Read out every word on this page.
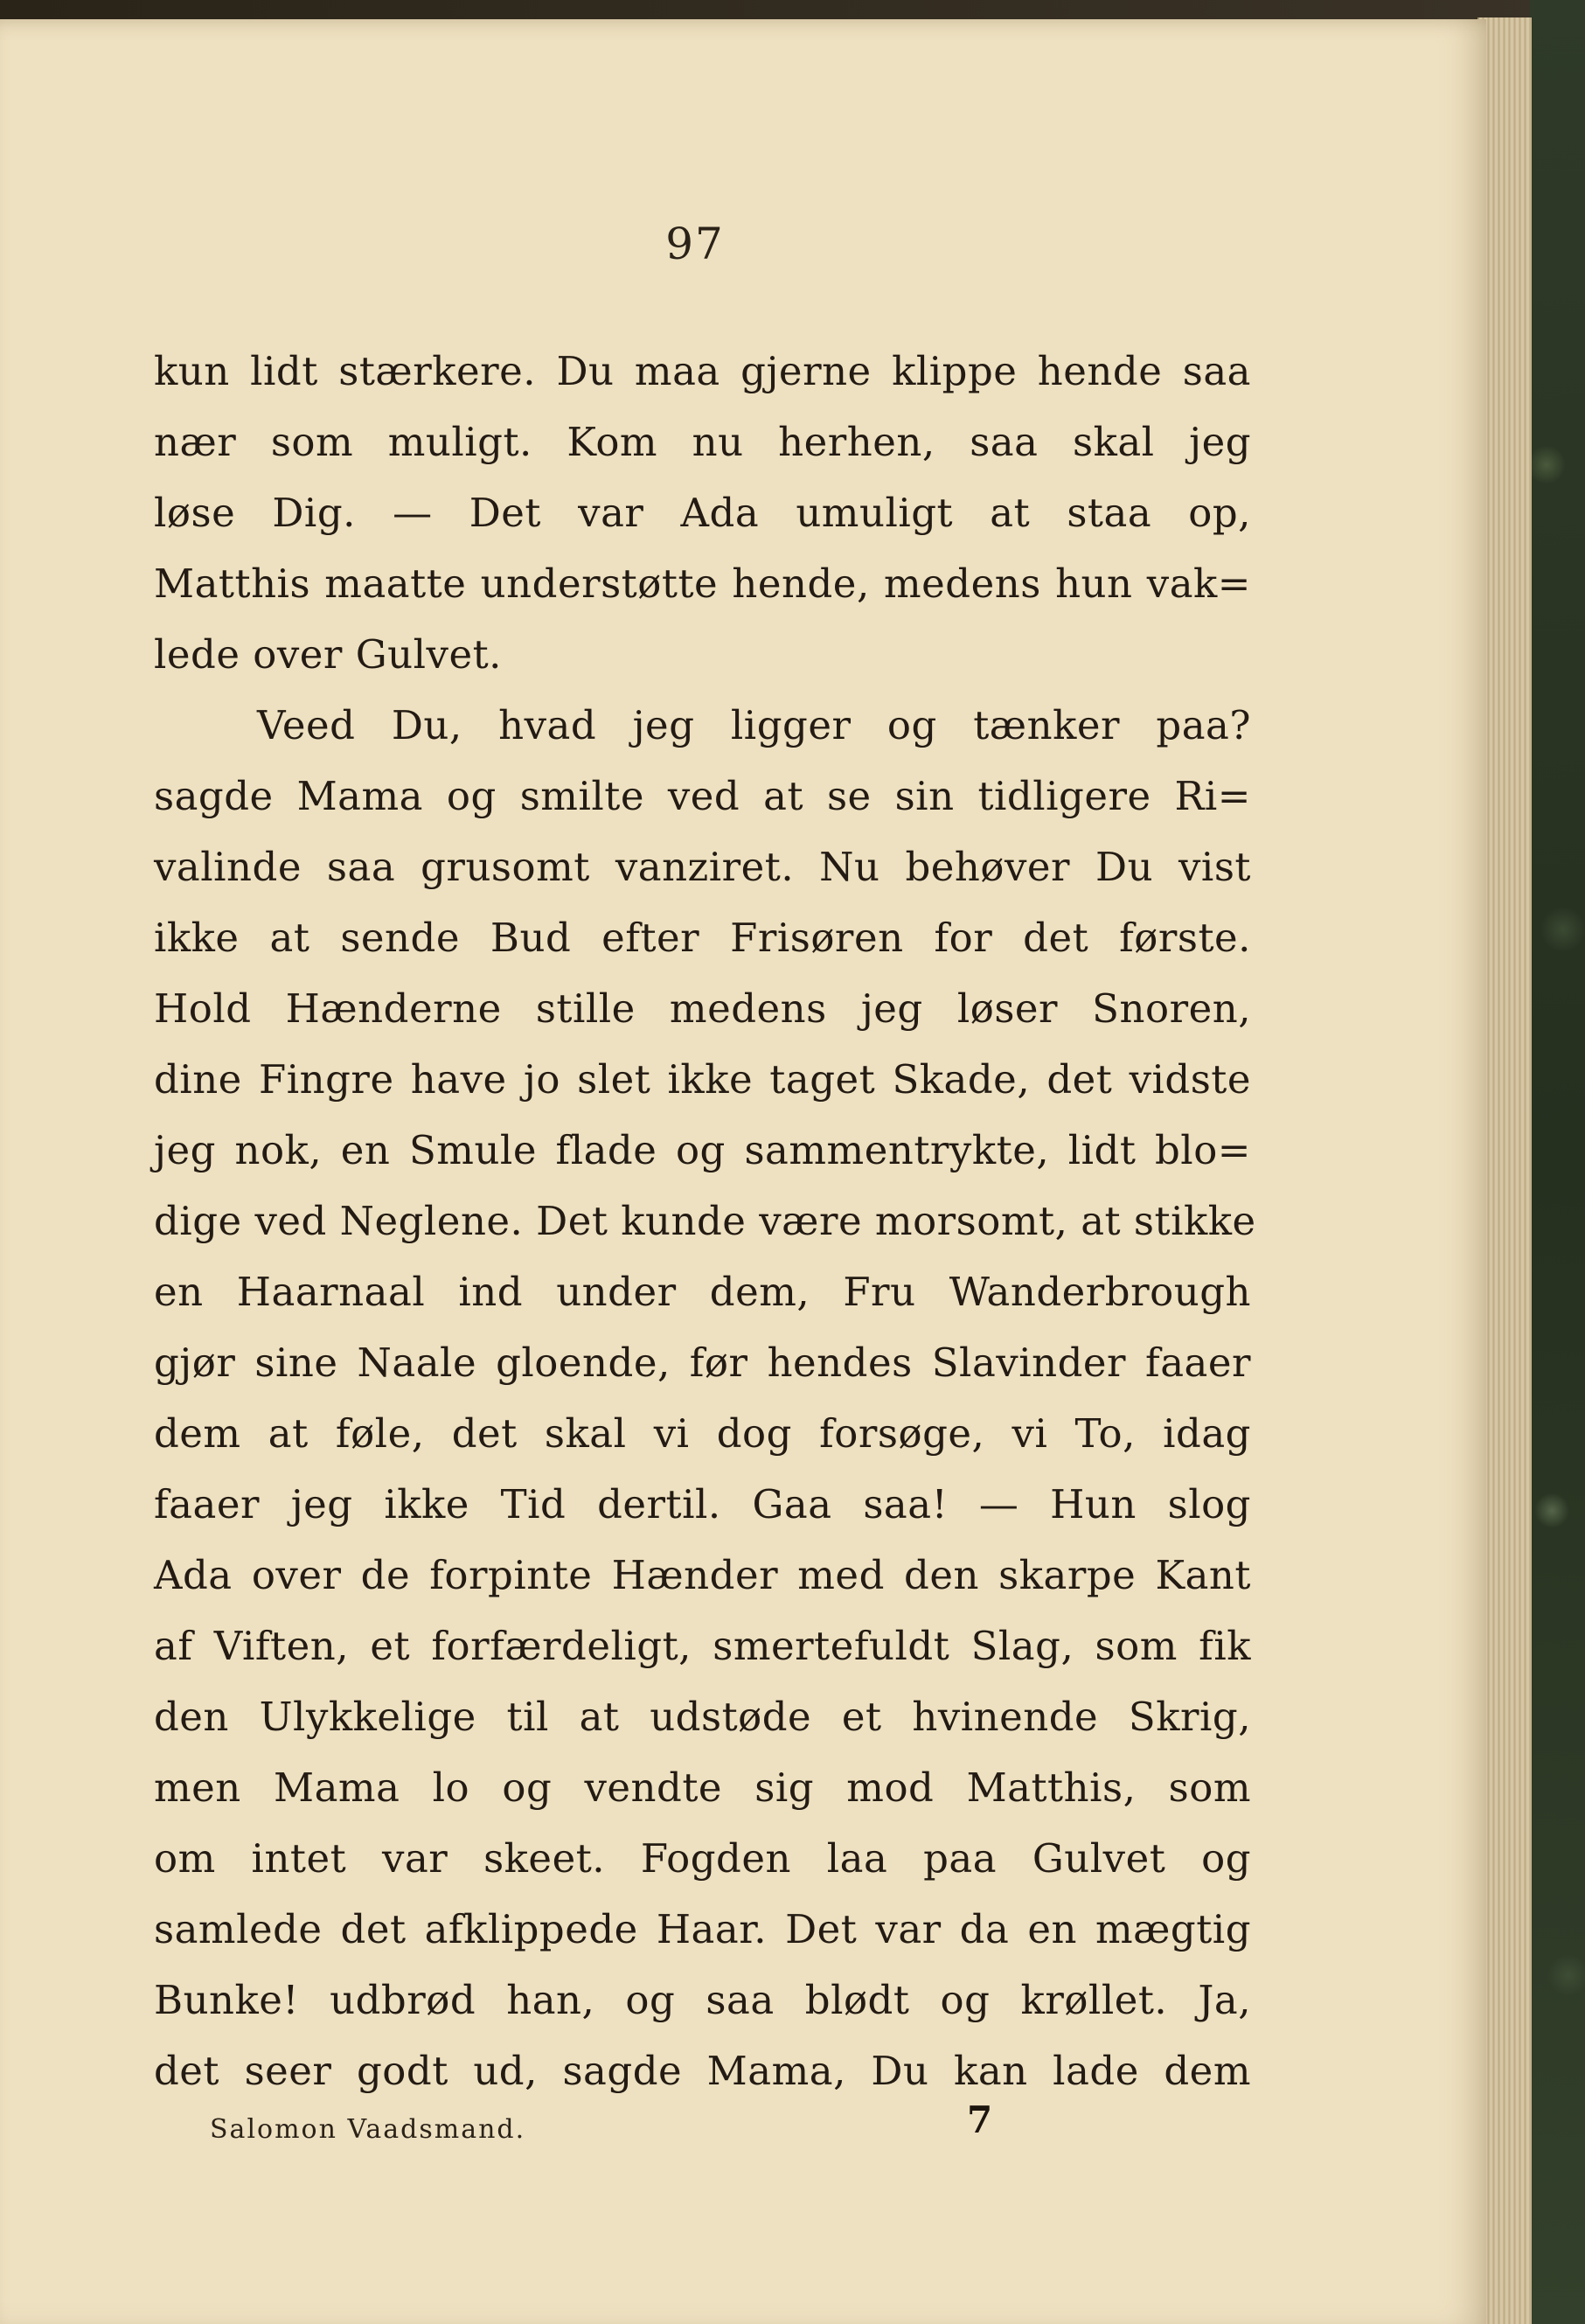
97
kun lidt stærkere. Du maa gjerne klippe hende saa
nær som muligt. Kom nu herhen, saa skal jeg
løse Dig. — Det var Ada umuligt at staa op,
Matthis maatte understøtte hende, medens hun vak=
lede over Gulvet.
Veed Du, hvad jeg ligger og tænker paa?
sagde Mama og smilte ved at se sin tidligere Ri=
valinde saa grusomt vanziret. Nu behøver Du vist
ikke at sende Bud efter Frisøren for det første.
Hold Hænderne stille medens jeg løser Snoren,
dine Fingre have jo slet ikke taget Skade, det vidste
jeg nok, en Smule flade og sammentrykte, lidt blo=
dige ved Neglene. Det kunde være morsomt, at stikke
en Haarnaal ind under dem, Fru Wanderbrough
gjør sine Naale gloende, før hendes Slavinder faaer
dem at føle, det skal vi dog forsøge, vi To, idag
faaer jeg ikke Tid dertil. Gaa saa! — Hun slog
Ada over de forpinte Hænder med den skarpe Kant
af Viften, et forfærdeligt, smertefuldt Slag, som fik
den Ulykkelige til at udstøde et hvinende Skrig,
men Mama lo og vendte sig mod Matthis, som
om intet var skeet. Fogden laa paa Gulvet og
samlede det afklippede Haar. Det var da en mægtig
Bunke! udbrød han, og saa blødt og krøllet. Ja,
det seer godt ud, sagde Mama, Du kan lade dem
Salomon Vaadsmand.	7
